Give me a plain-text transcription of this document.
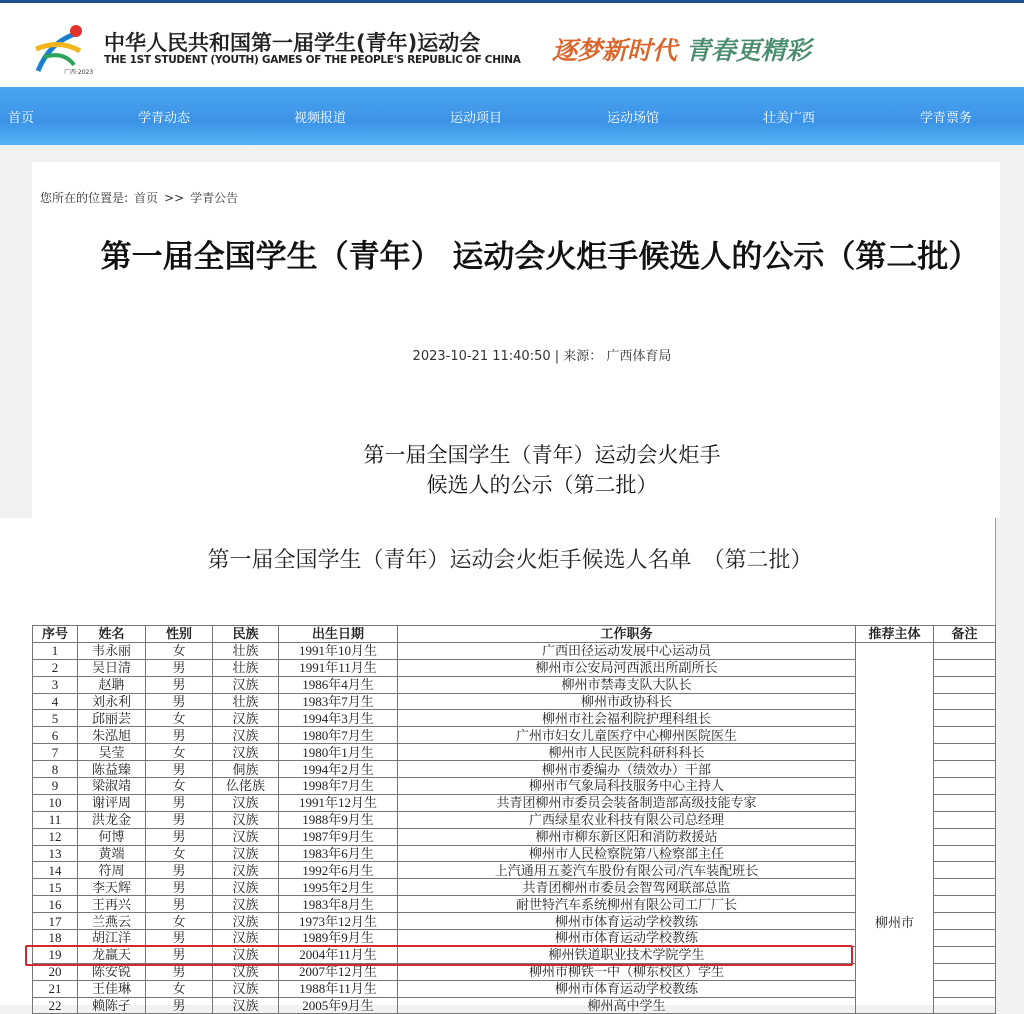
广西·2023
中华人民共和国第一届学生(青年)运动会
THE 1ST STUDENT (YOUTH) GAMES OF THE PEOPLE'S REPUBLIC OF CHINA 逐梦新时代 青春更精彩
首页	学青动态	视频报道	运动项目	运动场馆	壮美广西	学青票务
您所在的位置是: 首页 >> 学青公告
第一届全国学生（青年） 运动会火炬手候选人的公示（第二批）
2023-10-21 11:40:50 | 来源： 广西体育局
第一届全国学生（青年）运动会火炬手
候选人的公示（第二批）
第一届全国学生（青年）运动会火炬手候选人名单　（第二批）
序号	姓名	性别	民族	出生日期	工作职务	推荐主体	备注
1	韦永丽	女	壮族	1991年10月生	广西田径运动发展中心运动员	柳州市	
2	吴日清	男	壮族	1991年11月生	柳州市公安局河西派出所副所长		
3	赵聃	男	汉族	1986年4月生	柳州市禁毒支队大队长		
4	刘永利	男	壮族	1983年7月生	柳州市政协科长		
5	邱丽芸	女	汉族	1994年3月生	柳州市社会福利院护理科组长		
6	朱泓旭	男	汉族	1980年7月生	广州市妇女儿童医疗中心柳州医院医生		
7	吴莹	女	汉族	1980年1月生	柳州市人民医院科研科科长		
8	陈益臻	男	侗族	1994年2月生	柳州市委编办（绩效办）干部		
9	梁淑靖	女	仫佬族	1998年7月生	柳州市气象局科技服务中心主持人		
10	谢评周	男	汉族	1991年12月生	共青团柳州市委员会装备制造部高级技能专家		
11	洪龙金	男	汉族	1988年9月生	广西绿星农业科技有限公司总经理		
12	何博	男	汉族	1987年9月生	柳州市柳东新区阳和消防救援站		
13	黄端	女	汉族	1983年6月生	柳州市人民检察院第八检察部主任		
14	符周	男	汉族	1992年6月生	上汽通用五菱汽车股份有限公司/汽车装配班长		
15	李天辉	男	汉族	1995年2月生	共青团柳州市委员会智驾网联部总监		
16	王再兴	男	汉族	1983年8月生	耐世特汽车系统柳州有限公司工厂厂长		
17	兰燕云	女	汉族	1973年12月生	柳州市体育运动学校教练		
18	胡江洋	男	汉族	1989年9月生	柳州市体育运动学校教练		
19	龙羸天	男	汉族	2004年11月生	柳州铁道职业技术学院学生		
20	陈安锐	男	汉族	2007年12月生	柳州市柳铁一中（柳东校区）学生		
21	王佳琳	女	汉族	1988年11月生	柳州市体育运动学校教练		
22	赖陈孑	男	汉族	2005年9月生	柳州高中学生		
